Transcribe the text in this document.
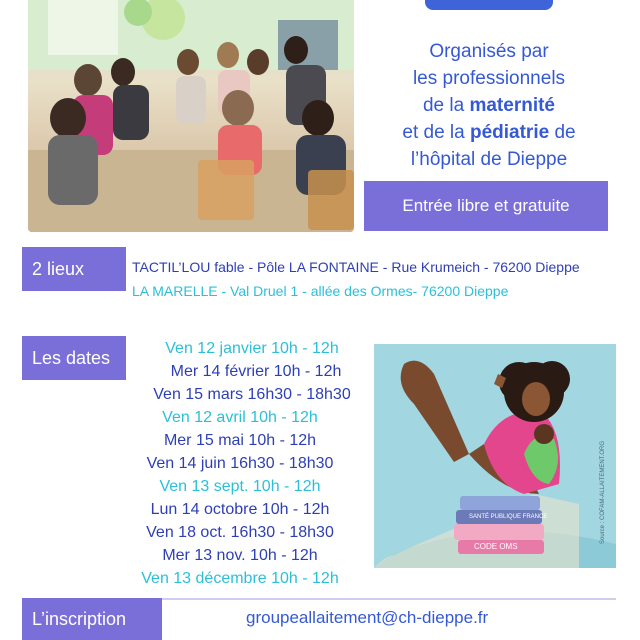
Organisés par
les professionnels
de la maternité
et de la pédiatrie de
l’hôpital de Dieppe
Entrée libre et gratuite
2 lieux	TACTIL’LOU fable - Pôle LA FONTAINE - Rue Krumeich - 76200 Dieppe
LA MARELLE - Val Druel 1 - allée des Ormes- 76200 Dieppe
Les dates	Ven 12 janvier 10h - 12h
Mer 14 février 10h - 12h
Ven 15 mars 16h30 - 18h30
Ven 12 avril 10h - 12h
Mer 15 mai 10h - 12h
Ven 14 juin 16h30 - 18h30
Ven 13 sept. 10h - 12h
Lun 14 octobre 10h - 12h
Ven 18 oct. 16h30 - 18h30
Mer 13 nov. 10h - 12h
Ven 13 décembre 10h - 12h
SANTÉ PUBLIQUE FRANCE
CODE OMS
Source : COFAM-ALLAITEMENT.ORG
L’inscription	groupeallaitement@ch-dieppe.fr
